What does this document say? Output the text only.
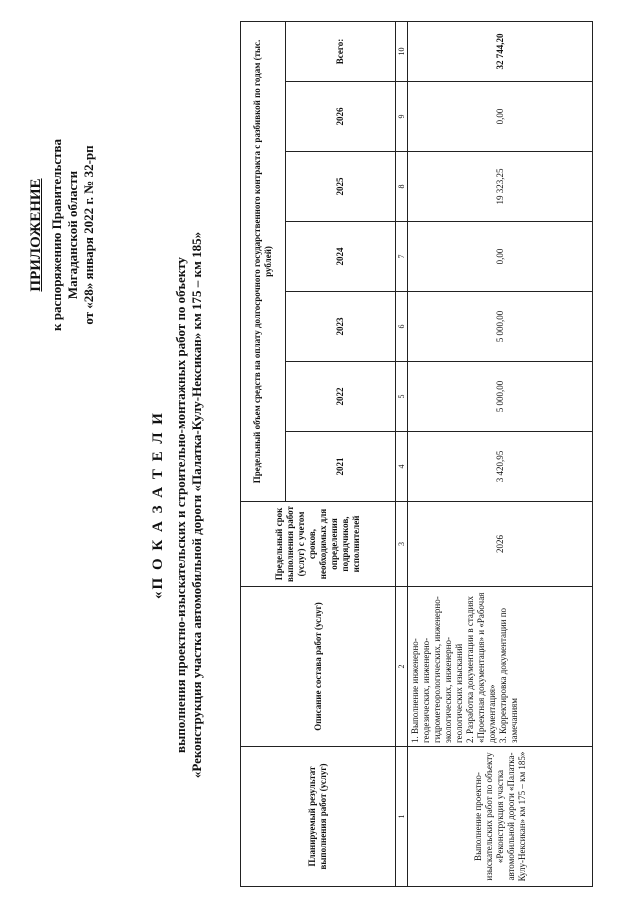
ПРИЛОЖЕНИЕ к распоряжению Правительства Магаданской области от «28» января 2022 г. № 32-рп
«П О К А З А Т Е Л И выполнения проектно-изыскательских и строительно-монтажных работ по объекту «Реконструкция участка автомобильной дороги «Палатка-Кулу-Нексикан» км 175 – км 185»
Планируемый результат выполнения работ (услуг)	Описание состава работ (услуг)	Предельный срок выполнения работ (услуг) с учетом сроков, необходимых для определения подрядчиков, исполнителей	Предельный объем средств на оплату долгосрочного государственного контракта с разбивкой по годам (тыс. рублей)						
			2021	2022	2023	2024	2025	2026	Всего:
1	2	3	4	5	6	7	8	9	10
Выполнение проектно-изыскательских работ по объекту «Реконструкция участка автомобильной дороги «Палатка-Кулу-Нексикан» км 175 – км 185»	1. Выполнение инженерно-геодезических, инженерно-гидрометеорологических, инженерно-экологических, инженерно-геологических изысканий 2. Разработка документации в стадиях «Проектная документация» и «Рабочая документация» 3. Корректировка документации по замечаниям	2026	3 420,95	5 000,00	5 000,00	0,00	19 323,25	0,00	32 744,20
